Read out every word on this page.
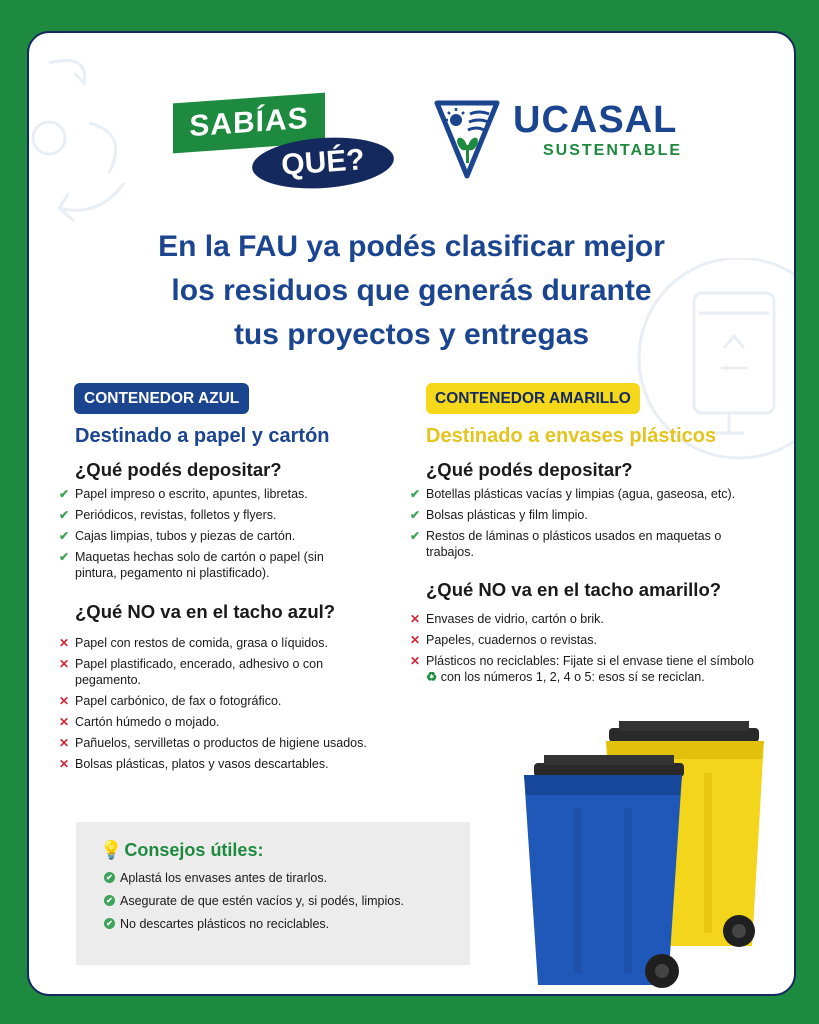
SABÍAS
QUÉ?
UCASAL
SUSTENTABLE
En la FAU ya podés clasificar mejor
los residuos que generás durante
tus proyectos y entregas
CONTENEDOR AZUL
Destinado a papel y cartón
¿Qué podés depositar?
✔ Papel impreso o escrito, apuntes, libretas.
✔ Periódicos, revistas, folletos y flyers.
✔ Cajas limpias, tubos y piezas de cartón.
✔ Maquetas hechas solo de cartón o papel (sin pintura, pegamento ni plastificado).
¿Qué NO va en el tacho azul?
✕ Papel con restos de comida, grasa o líquidos.
✕ Papel plastificado, encerado, adhesivo o con pegamento.
✕ Papel carbónico, de fax o fotográfico.
✕ Cartón húmedo o mojado.
✕ Pañuelos, servilletas o productos de higiene usados.
✕ Bolsas plásticas, platos y vasos descartables.
CONTENEDOR AMARILLO
Destinado a envases plásticos
¿Qué podés depositar?
✔ Botellas plásticas vacías y limpias (agua, gaseosa, etc).
✔ Bolsas plásticas y film limpio.
✔ Restos de láminas o plásticos usados en maquetas o trabajos.
¿Qué NO va en el tacho amarillo?
✕ Envases de vidrio, cartón o brik.
✕ Papeles, cuadernos o revistas.
✕ Plásticos no reciclables: Fijate si el envase tiene el símbolo ♻ con los números 1, 2, 4 o 5: esos sí se reciclan.
💡 Consejos útiles:
✔ Aplastá los envases antes de tirarlos.
✔ Asegurate de que estén vacíos y, si podés, limpios.
✔ No descartes plásticos no reciclables.
